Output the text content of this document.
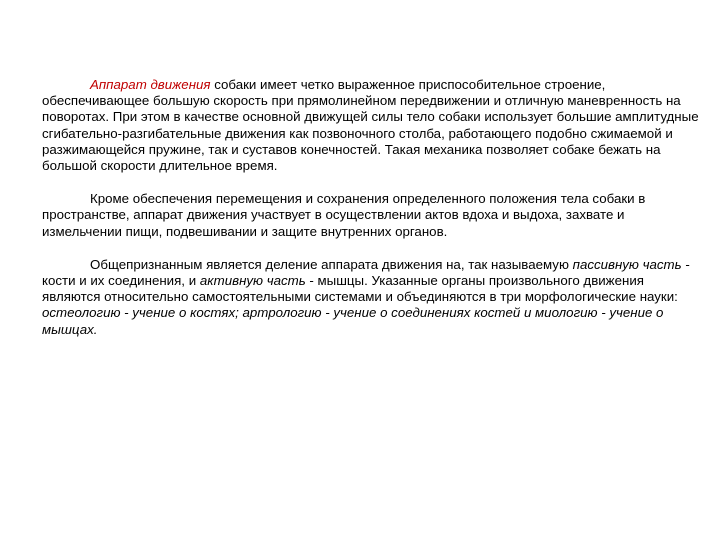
Аппарат движения собаки имеет четко выраженное приспособительное строение, обеспечивающее большую скорость при прямолинейном передвижении и отличную маневренность на поворотах. При этом в качестве основной движущей силы тело собаки использует большие амплитудные сгибательно-разгибательные движения как позвоночного столба, работающего подобно сжимаемой и разжимающейся пружине, так и суставов конечностей. Такая механика позволяет собаке бежать на большой скорости длительное время.

Кроме обеспечения перемещения и сохранения определенного положения тела собаки в пространстве, аппарат движения участвует в осуществлении актов вдоха и выдоха, захвате и измельчении пищи, подвешивании и защите внутренних органов.

Общепризнанным является деление аппарата движения на, так называемую пассивную часть - кости и их соединения, и активную часть - мышцы. Указанные органы произвольного движения являются относительно самостоятельными системами и объединяются в три морфологические науки: остеологию - учение о костях; артрологию - учение о соединениях костей и миологию - учение о мышцах.
